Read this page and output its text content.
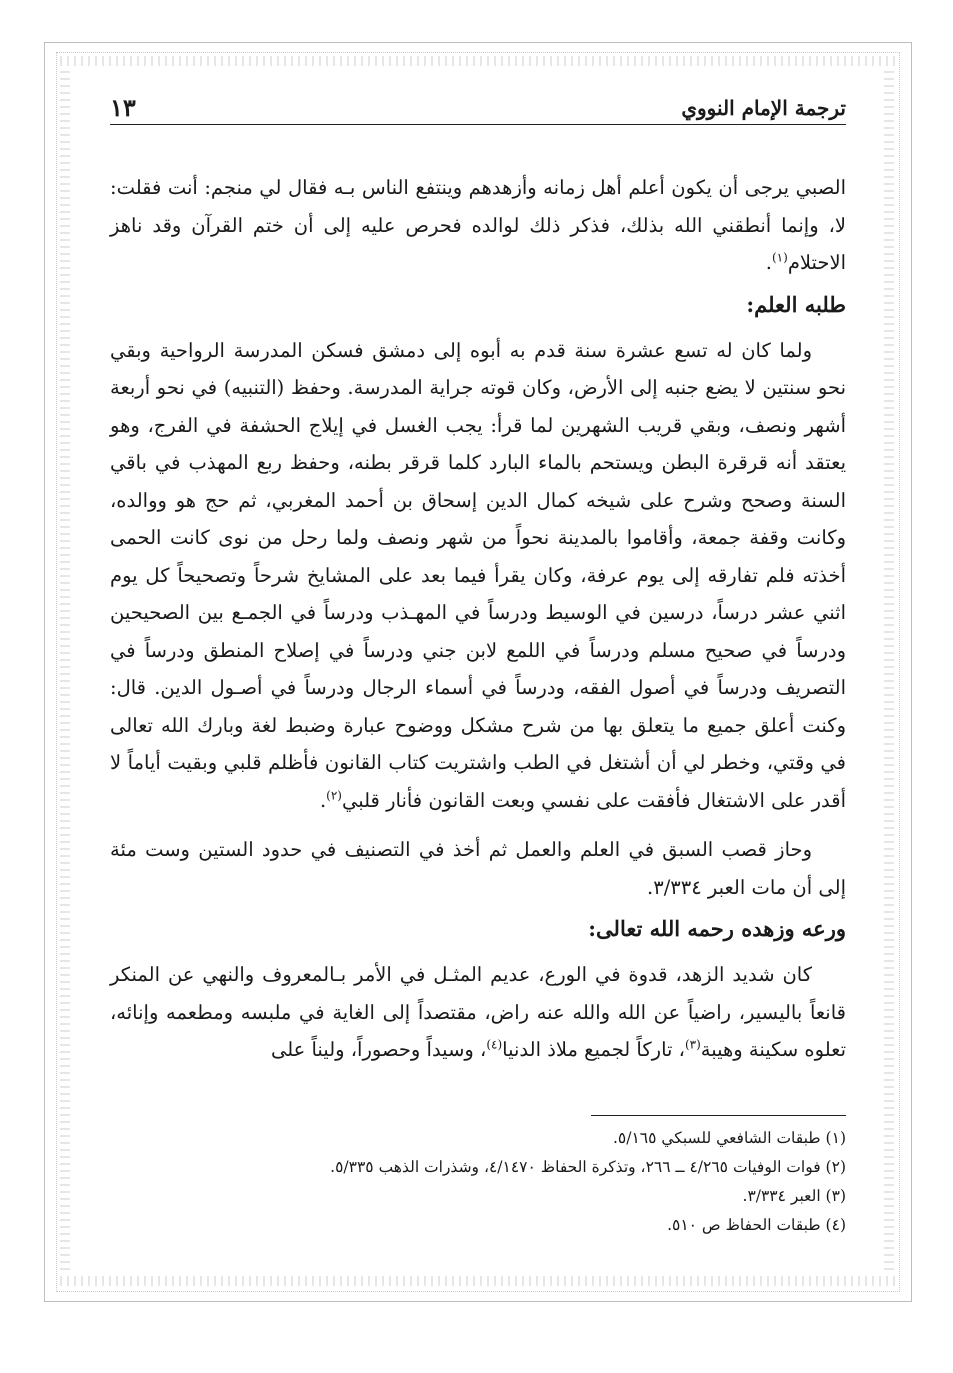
ترجمة الإمام النووي
١٣

الصبي يرجى أن يكون أعلم أهل زمانه وأزهدهم وينتفع الناس بـه فقال لي منجم: أنت فقلت: لا، وإنما أنطقني الله بذلك، فذكر ذلك لوالده فحرص عليه إلى أن ختم القرآن وقد ناهز الاحتلام$^{(١)}$.

طلبه العلم:

ولما كان له تسع عشرة سنة قدم به أبوه إلى دمشق فسكن المدرسة الرواحية وبقي نحو سنتين لا يضع جنبه إلى الأرض، وكان قوته جراية المدرسة. وحفظ (التنبيه) في نحو أربعة أشهر ونصف، وبقي قريب الشهرين لما قرأ: يجب الغسل في إيلاج الحشفة في الفرج، وهو يعتقد أنه قرقرة البطن ويستحم بالماء البارد كلما قرقر بطنه، وحفظ ربع المهذب في باقي السنة وصحح وشرح على شيخه كمال الدين إسحاق بن أحمد المغربي، ثم حج هو ووالده، وكانت وقفة جمعة، وأقاموا بالمدينة نحواً من شهر ونصف ولما رحل من نوى كانت الحمى أخذته فلم تفارقه إلى يوم عرفة، وكان يقرأ فيما بعد على المشايخ شرحاً وتصحيحاً كل يوم اثني عشر درساً، درسين في الوسيط ودرساً في المهـذب ودرساً في الجمـع بين الصحيحين ودرساً في صحيح مسلم ودرساً في اللمع لابن جني ودرساً في إصلاح المنطق ودرساً في التصريف ودرساً في أصول الفقه، ودرساً في أسماء الرجال ودرساً في أصـول الدين. قال: وكنت أعلق جميع ما يتعلق بها من شرح مشكل ووضوح عبارة وضبط لغة وبارك الله تعالى في وقتي، وخطر لي أن أشتغل في الطب واشتريت كتاب القانون فأظلم قلبي وبقيت أياماً لا أقدر على الاشتغال فأفقت على نفسي وبعت القانون فأنار قلبي$^{(٢)}$.

وحاز قصب السبق في العلم والعمل ثم أخذ في التصنيف في حدود الستين وست مئة إلى أن مات العبر ٣/٣٣٤.

ورعه وزهده رحمه الله تعالى:

كان شديد الزهد، قدوة في الورع، عديم المثـل في الأمر بـالمعروف والنهي عن المنكر قانعاً باليسير، راضياً عن الله والله عنه راض، مقتصداً إلى الغاية في ملبسه ومطعمه وإنائه، تعلوه سكينة وهيبة$^{(٣)}$، تاركاً لجميع ملاذ الدنيا$^{(٤)}$، وسيداً وحصوراً، وليناً على

(١) طبقات الشافعي للسبكي ٥/١٦٥.
(٢) فوات الوفيات ٤/٢٦٥ ــ ٢٦٦، وتذكرة الحفاظ ٤/١٤٧٠، وشذرات الذهب ٥/٣٣٥.
(٣) العبر ٣/٣٣٤.
(٤) طبقات الحفاظ ص ٥١٠.
